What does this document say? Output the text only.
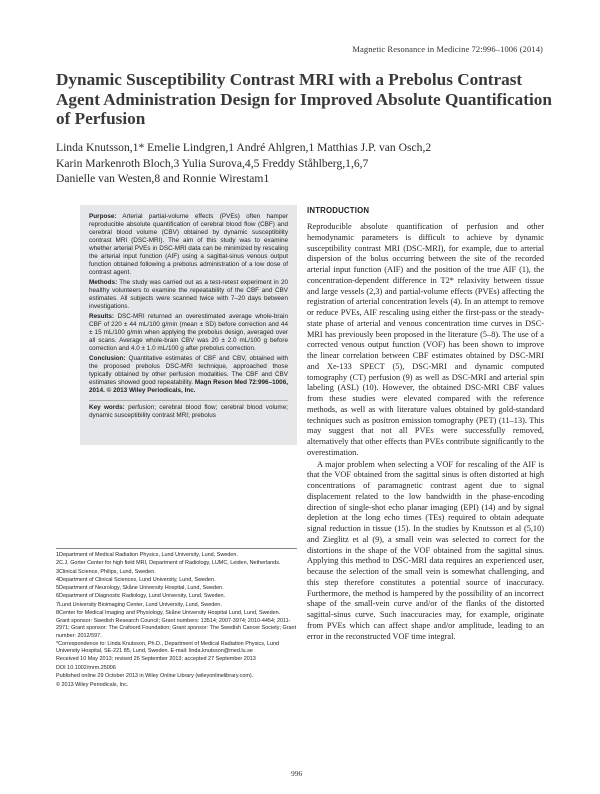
Magnetic Resonance in Medicine 72:996–1006 (2014)
Dynamic Susceptibility Contrast MRI with a Prebolus Contrast Agent Administration Design for Improved Absolute Quantification of Perfusion
Linda Knutsson,1* Emelie Lindgren,1 André Ahlgren,1 Matthias J.P. van Osch,2
Karin Markenroth Bloch,3 Yulia Surova,4,5 Freddy Ståhlberg,1,6,7
Danielle van Westen,8 and Ronnie Wirestam1

Purpose: Arterial partial-volume effects (PVEs) often hamper reproducible absolute quantification of cerebral blood flow (CBF) and cerebral blood volume (CBV) obtained by dynamic susceptibility contrast MRI (DSC-MRI). The aim of this study was to examine whether arterial PVEs in DSC-MRI data can be minimized by rescaling the arterial input function (AIF) using a sagittal-sinus venous output function obtained following a prebolus administration of a low dose of contrast agent.

Methods: The study was carried out as a test-retest experiment in 20 healthy volunteers to examine the repeatability of the CBF and CBV estimates. All subjects were scanned twice with 7–20 days between investigations.

Results: DSC-MRI returned an overestimated average whole-brain CBF of 220 ± 44 mL/100 g/min (mean ± SD) before correction and 44 ± 15 mL/100 g/min when applying the prebolus design, averaged over all scans. Average whole-brain CBV was 20 ± 2.0 mL/100 g before correction and 4.0 ± 1.0 mL/100 g after prebolus correction.

Conclusion: Quantitative estimates of CBF and CBV, obtained with the proposed prebolus DSC-MRI technique, approached those typically obtained by other perfusion modalities. The CBF and CBV estimates showed good repeatability. Magn Reson Med 72:996–1006, 2014. © 2013 Wiley Periodicals, Inc.

Key words: perfusion; cerebral blood flow; cerebral blood volume; dynamic susceptibility contrast MRI; prebolus

1Department of Medical Radiation Physics, Lund University, Lund, Sweden.

2C.J. Gorter Center for high field MRI, Department of Radiology, LUMC, Leiden, Netherlands.

3Clinical Science, Philips, Lund, Sweden.

4Department of Clinical Sciences, Lund University, Lund, Sweden.

5Department of Neurology, Skåne University Hospital, Lund, Sweden.

6Department of Diagnostic Radiology, Lund University, Lund, Sweden.

7Lund University Bioimaging Center, Lund University, Lund, Sweden.

8Center for Medical Imaging and Physiology, Skåne University Hospital Lund, Lund, Sweden.

Grant sponsor: Swedish Research Council; Grant numbers: 13514; 2007-3974; 2010-4454; 2011-2971; Grant sponsor: The Crafoord Foundation; Grant sponsor: The Swedish Cancer Society; Grant number: 2012/597.

*Correspondence to: Linda Knutsson, Ph.D., Department of Medical Radiation Physics, Lund University Hospital, SE-221 85, Lund, Sweden. E-mail: linda.knutsson@med.lu.se

Received 10 May 2013; revised 26 September 2013; accepted 27 September 2013

DOI 10.1002/mrm.25006

Published online 29 October 2013 in Wiley Online Library (wileyonlinelibrary.com).

© 2013 Wiley Periodicals, Inc.

INTRODUCTION

Reproducible absolute quantification of perfusion and other hemodynamic parameters is difficult to achieve by dynamic susceptibility contrast MRI (DSC-MRI), for example, due to arterial dispersion of the bolus occurring between the site of the recorded arterial input function (AIF) and the position of the true AIF (1), the concentration-dependent difference in T2* relaxivity between tissue and large vessels (2,3) and partial-volume effects (PVEs) affecting the registration of arterial concentration levels (4). In an attempt to remove or reduce PVEs, AIF rescaling using either the first-pass or the steady-state phase of arterial and venous concentration time curves in DSC-MRI has previously been proposed in the literature (5–8). The use of a corrected venous output function (VOF) has been shown to improve the linear correlation between CBF estimates obtained by DSC-MRI and Xe-133 SPECT (5), DSC-MRI and dynamic computed tomography (CT) perfusion (9) as well as DSC-MRI and arterial spin labeling (ASL) (10). However, the obtained DSC-MRI CBF values from these studies were elevated compared with the reference methods, as well as with literature values obtained by gold-standard techniques such as positron emission tomography (PET) (11–13). This may suggest that not all PVEs were successfully removed, alternatively that other effects than PVEs contribute significantly to the overestimation.

A major problem when selecting a VOF for rescaling of the AIF is that the VOF obtained from the sagittal sinus is often distorted at high concentrations of paramagnetic contrast agent due to signal displacement related to the low bandwidth in the phase-encoding direction of single-shot echo planar imaging (EPI) (14) and by signal depletion at the long echo times (TEs) required to obtain adequate signal reduction in tissue (15). In the studies by Knutsson et al (5,10) and Zieglitz et al (9), a small vein was selected to correct for the distortions in the shape of the VOF obtained from the sagittal sinus. Applying this method to DSC-MRI data requires an experienced user, because the selection of the small vein is somewhat challenging, and this step therefore constitutes a potential source of inaccuracy. Furthermore, the method is hampered by the possibility of an incorrect shape of the small-vein curve and/or of the flanks of the distorted sagittal-sinus curve. Such inaccuracies may, for example, originate from PVEs which can affect shape and/or amplitude, leading to an error in the reconstructed VOF time integral.

996
